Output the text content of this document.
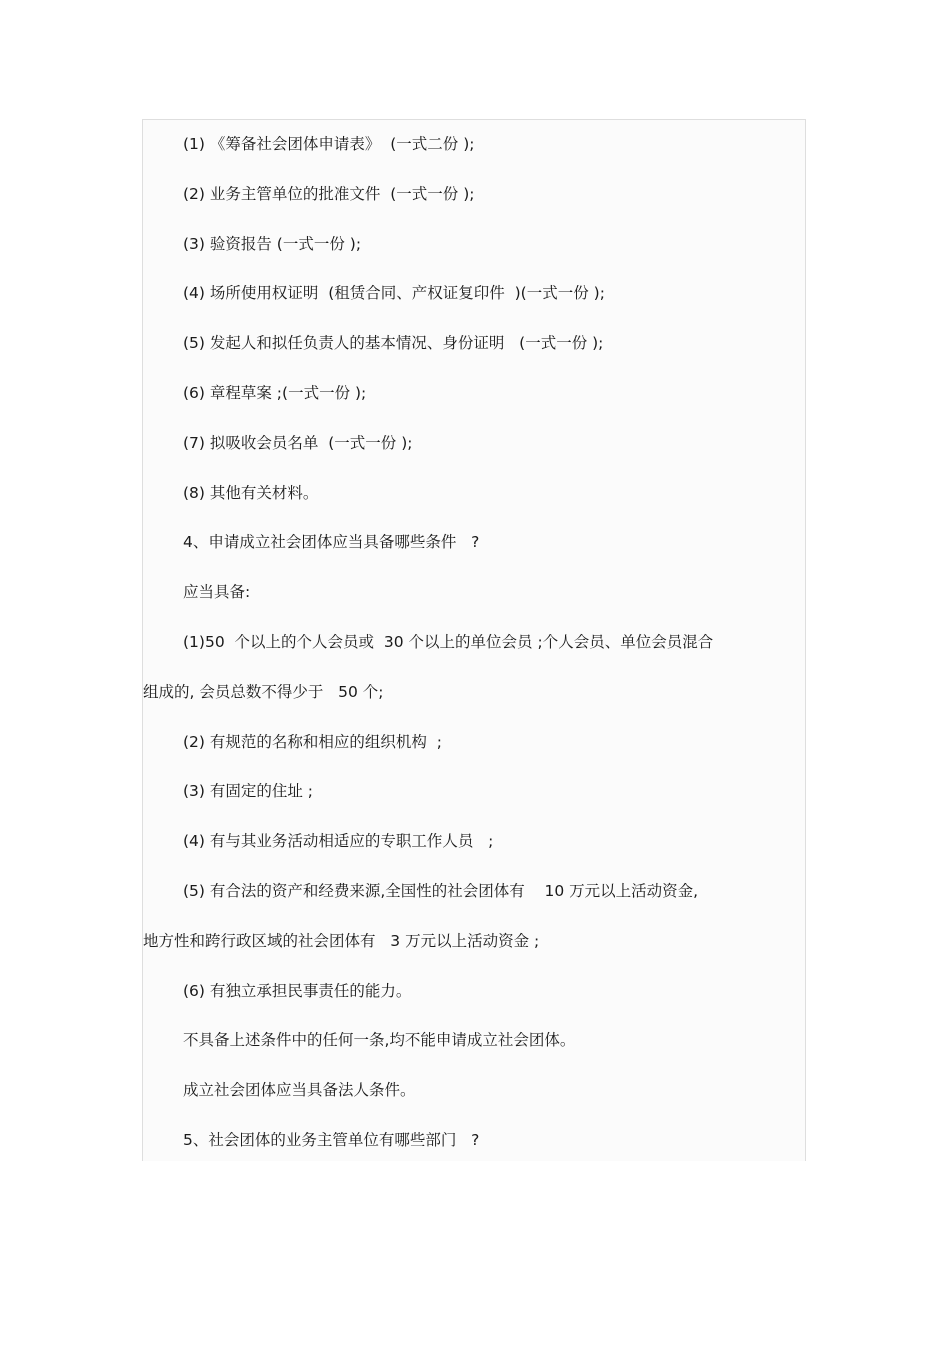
(1) 《筹备社会团体申请表》  (一式二份 );

(2) 业务主管单位的批准文件  (一式一份 );

(3) 验资报告 (一式一份 );

(4) 场所使用权证明  (租赁合同、产权证复印件  )(一式一份 );

(5) 发起人和拟任负责人的基本情况、身份证明   (一式一份 );

(6) 章程草案 ;(一式一份 );

(7) 拟吸收会员名单  (一式一份 );

(8) 其他有关材料。

4、申请成立社会团体应当具备哪些条件   ?

应当具备:

(1)50  个以上的个人会员或  30 个以上的单位会员 ;个人会员、单位会员混合

组成的, 会员总数不得少于   50 个;

(2) 有规范的名称和相应的组织机构  ;

(3) 有固定的住址 ;

(4) 有与其业务活动相适应的专职工作人员   ;

(5) 有合法的资产和经费来源,全国性的社会团体有    10 万元以上活动资金,

地方性和跨行政区域的社会团体有   3 万元以上活动资金 ;

(6) 有独立承担民事责任的能力。

不具备上述条件中的任何一条,均不能申请成立社会团体。

成立社会团体应当具备法人条件。

5、社会团体的业务主管单位有哪些部门   ?
